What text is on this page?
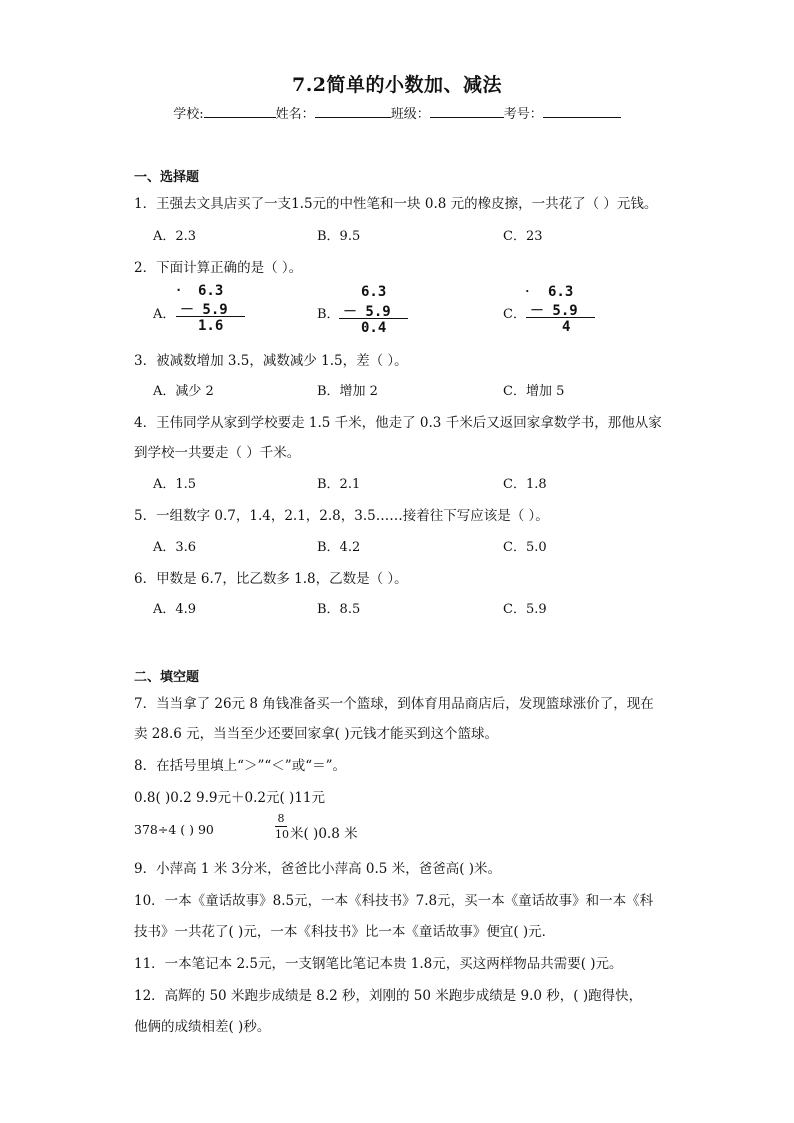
7.2简单的小数加、减法
学校:	姓名：	班级：	考号：
一、选择题
1．王强去文具店买了一支1.5元的中性笔和一块 0.8 元的橡皮擦，一共花了（ ）元钱。
A．2.3	B．9.5	C．23
2．下面计算正确的是（ ）。
A．
. 6.3
－ 5.9
1.6
B．
6.3
－ 5.9
0.4
C．
. 6.3
－ 5.9
4
3．被减数增加 3.5，减数减少 1.5，差（ ）。
A．减少 2	B．增加 2	C．增加 5
4．王伟同学从家到学校要走 1.5 千米，他走了 0.3 千米后又返回家拿数学书，那他从家
到学校一共要走（ ）千米。
A．1.5	B．2.1	C．1.8
5．一组数字 0.7，1.4，2.1，2.8，3.5……接着往下写应该是（ ）。
A．3.6	B．4.2	C．5.0
6．甲数是 6.7，比乙数多 1.8，乙数是（ ）。
A．4.9	B．8.5	C．5.9
二、填空题
7．当当拿了 26元 8 角钱准备买一个篮球，到体育用品商店后，发现篮球涨价了，现在
卖 28.6 元，当当至少还要回家拿( )元钱才能买到这个篮球。
8．在括号里填上“＞”“＜”或“＝”。
0.8( )0.2 9.9元＋0.2元( )11元
378÷4 ( ) 90
8
10 米( )0.8 米
9．小萍高 1 米 3分米，爸爸比小萍高 0.5 米，爸爸高( )米。
10．一本《童话故事》8.5元，一本《科技书》7.8元，买一本《童话故事》和一本《科
技书》一共花了( )元，一本《科技书》比一本《童话故事》便宜( )元．
11．一本笔记本 2.5元，一支钢笔比笔记本贵 1.8元，买这两样物品共需要( )元。
12．高辉的 50 米跑步成绩是 8.2 秒，刘刚的 50 米跑步成绩是 9.0 秒，( )跑得快，
他俩的成绩相差( )秒。
